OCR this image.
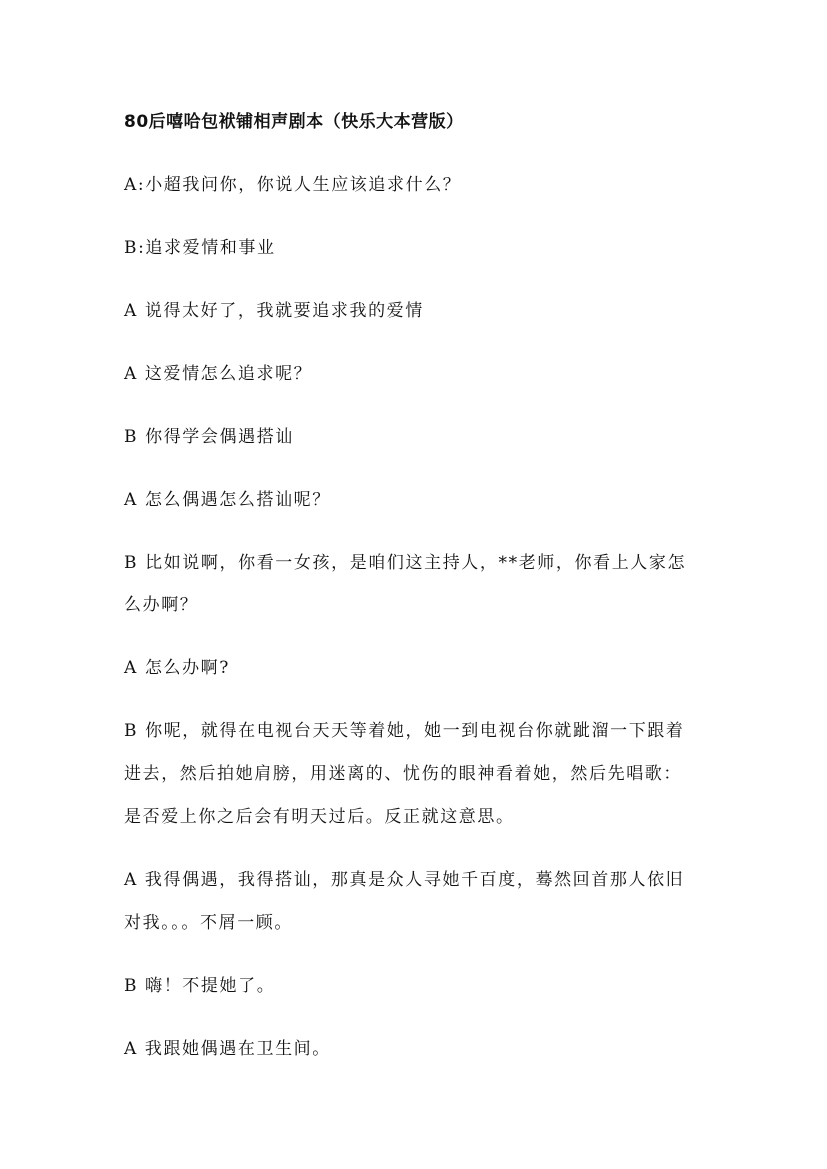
80后嘻哈包袱铺相声剧本（快乐大本营版）
A:小超我问你，你说人生应该追求什么？
B:追求爱情和事业
A 说得太好了，我就要追求我的爱情
A 这爱情怎么追求呢？
B 你得学会偶遇搭讪
A 怎么偶遇怎么搭讪呢？
B 比如说啊，你看一女孩，是咱们这主持人，**老师，你看上人家怎
么办啊？
A 怎么办啊?
B 你呢，就得在电视台天天等着她，她一到电视台你就跐溜一下跟着
进去，然后拍她肩膀，用迷离的、忧伤的眼神看着她，然后先唱歌：
是否爱上你之后会有明天过后。反正就这意思。
A 我得偶遇，我得搭讪，那真是众人寻她千百度，蓦然回首那人依旧
对我。。。不屑一顾。
B 嗨！不提她了。
A 我跟她偶遇在卫生间。
